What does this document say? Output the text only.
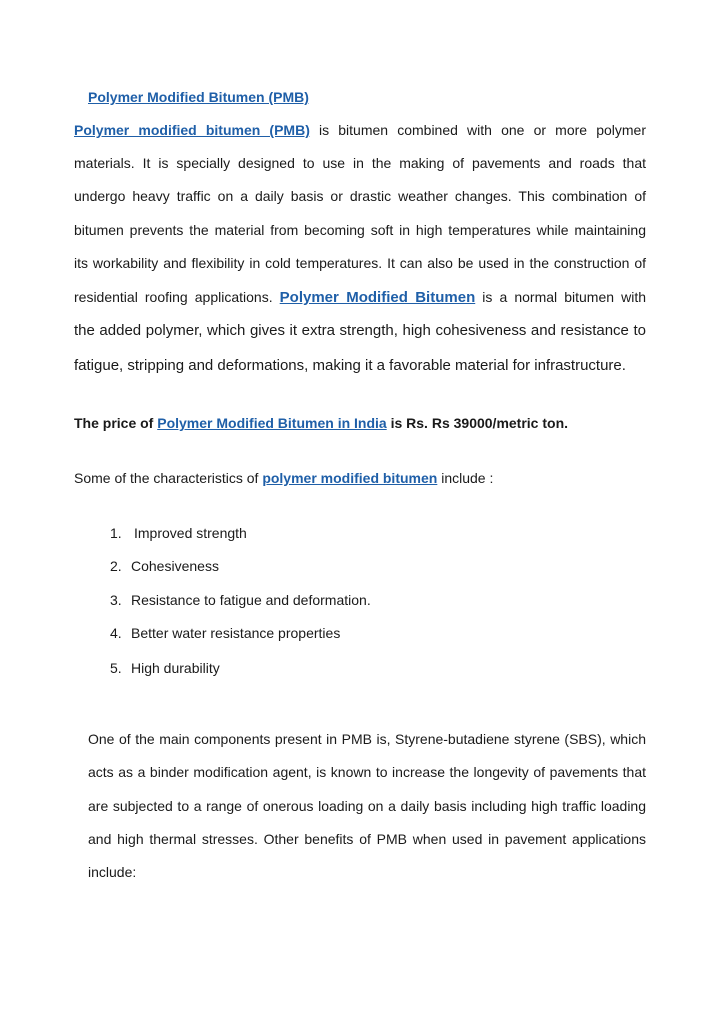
Polymer Modified Bitumen (PMB)
Polymer modified bitumen (PMB) is bitumen combined with one or more polymer
materials. It is specially designed to use in the making of pavements and roads that
undergo heavy traffic on a daily basis or drastic weather changes. This combination of
bitumen prevents the material from becoming soft in high temperatures while maintaining
its workability and flexibility in cold temperatures. It can also be used in the construction of
residential roofing applications. Polymer Modified Bitumen is a normal bitumen with
the added polymer, which gives it extra strength, high cohesiveness and resistance to
fatigue, stripping and deformations, making it a favorable material for infrastructure.
The price of Polymer Modified Bitumen in India is Rs. Rs 39000/metric ton.
Some of the characteristics of polymer modified bitumen include :
1. Improved strength
2. Cohesiveness
3. Resistance to fatigue and deformation.
4. Better water resistance properties
5. High durability
One of the main components present in PMB is, Styrene-butadiene styrene (SBS), which
acts as a binder modification agent, is known to increase the longevity of pavements that
are subjected to a range of onerous loading on a daily basis including high traffic loading
and high thermal stresses. Other benefits of PMB when used in pavement applications
include:
